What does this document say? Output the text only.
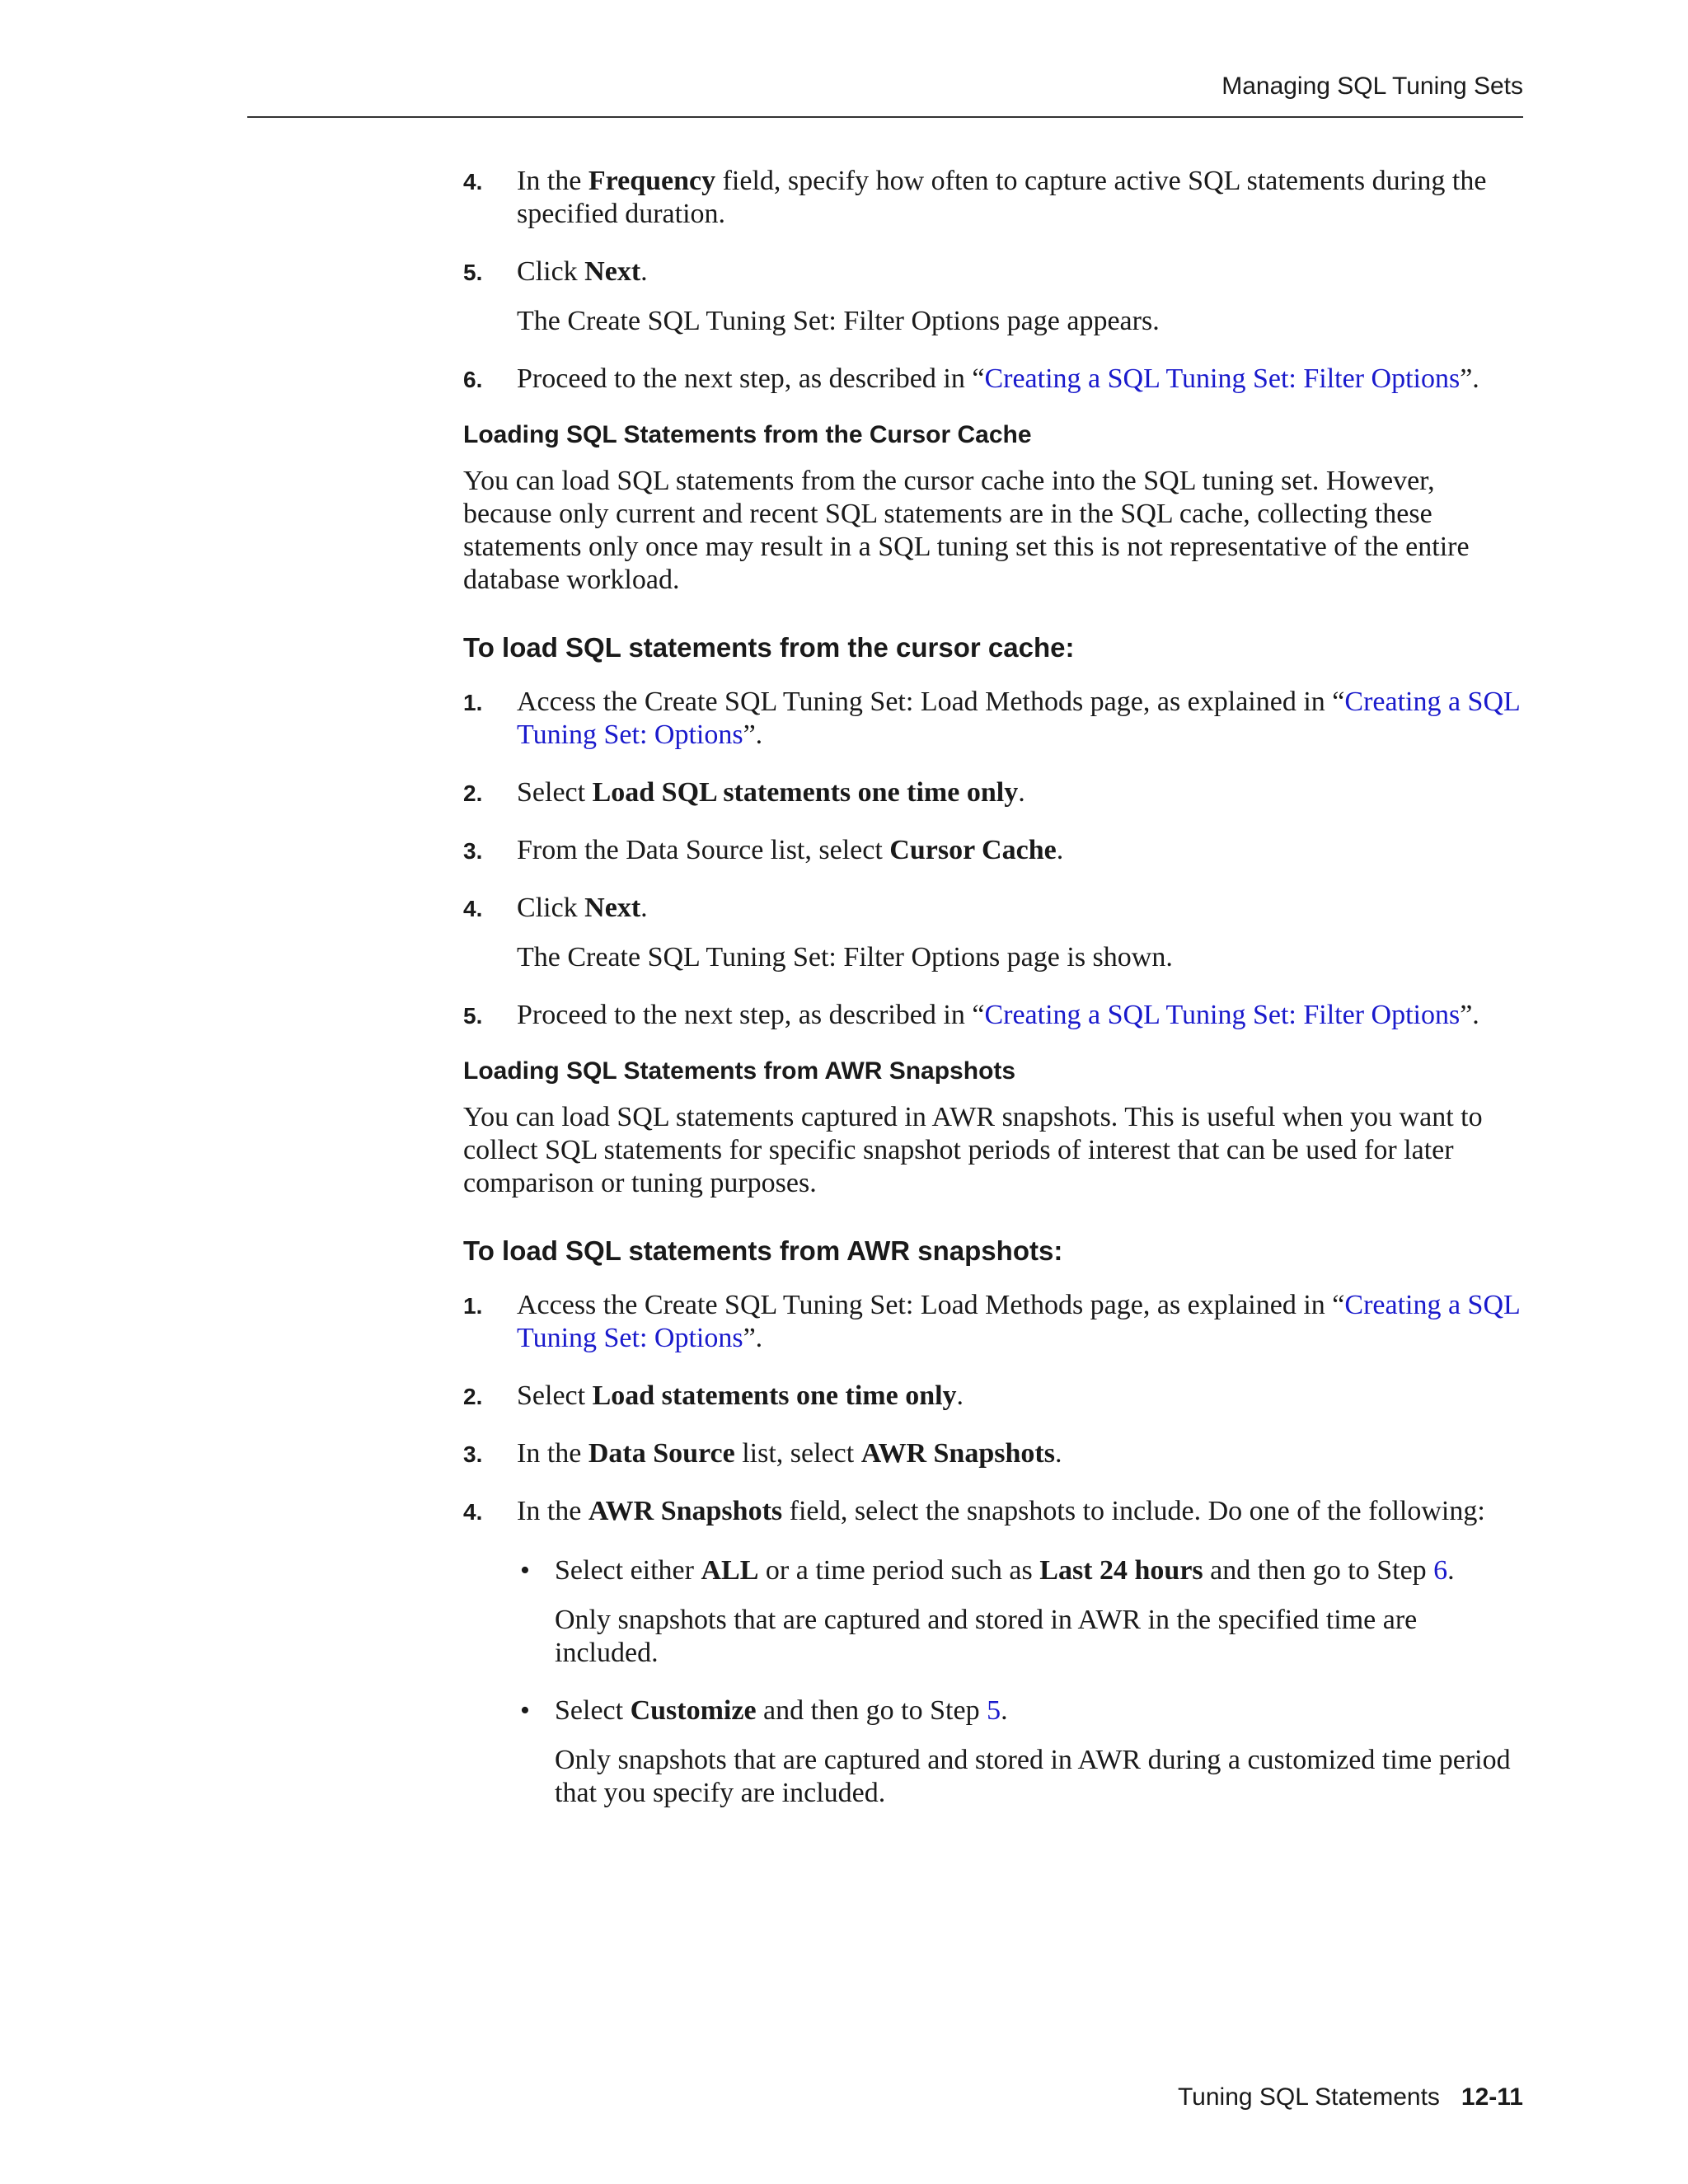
Managing SQL Tuning Sets
4. In the Frequency field, specify how often to capture active SQL statements during the specified duration.
5. Click Next.
The Create SQL Tuning Set: Filter Options page appears.
6. Proceed to the next step, as described in “Creating a SQL Tuning Set: Filter Options”.
Loading SQL Statements from the Cursor Cache
You can load SQL statements from the cursor cache into the SQL tuning set. However, because only current and recent SQL statements are in the SQL cache, collecting these statements only once may result in a SQL tuning set this is not representative of the entire database workload.
To load SQL statements from the cursor cache:
1. Access the Create SQL Tuning Set: Load Methods page, as explained in “Creating a SQL Tuning Set: Options”.
2. Select Load SQL statements one time only.
3. From the Data Source list, select Cursor Cache.
4. Click Next.
The Create SQL Tuning Set: Filter Options page is shown.
5. Proceed to the next step, as described in “Creating a SQL Tuning Set: Filter Options”.
Loading SQL Statements from AWR Snapshots
You can load SQL statements captured in AWR snapshots. This is useful when you want to collect SQL statements for specific snapshot periods of interest that can be used for later comparison or tuning purposes.
To load SQL statements from AWR snapshots:
1. Access the Create SQL Tuning Set: Load Methods page, as explained in “Creating a SQL Tuning Set: Options”.
2. Select Load statements one time only.
3. In the Data Source list, select AWR Snapshots.
4. In the AWR Snapshots field, select the snapshots to include. Do one of the following:
• Select either ALL or a time period such as Last 24 hours and then go to Step 6.
Only snapshots that are captured and stored in AWR in the specified time are included.
• Select Customize and then go to Step 5.
Only snapshots that are captured and stored in AWR during a customized time period that you specify are included.
Tuning SQL Statements 12-11
